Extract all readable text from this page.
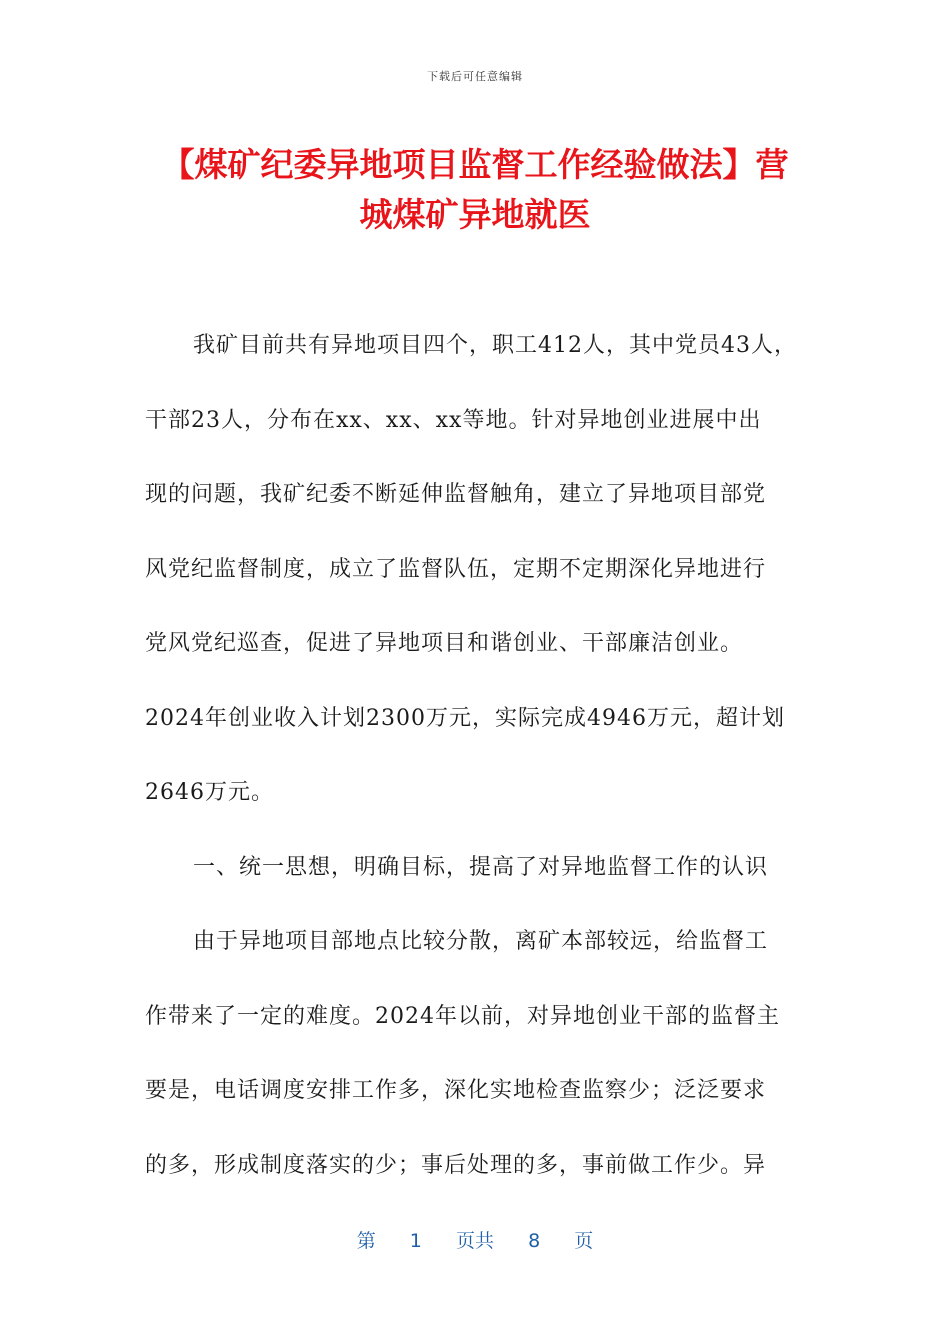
下载后可任意编辑
【煤矿纪委异地项目监督工作经验做法】营
城煤矿异地就医
我矿目前共有异地项目四个，职工412人，其中党员43人，
干部23人，分布在xx、xx、xx等地。针对异地创业进展中出
现的问题，我矿纪委不断延伸监督触角，建立了异地项目部党
风党纪监督制度，成立了监督队伍，定期不定期深化异地进行
党风党纪巡查，促进了异地项目和谐创业、干部廉洁创业。
2024年创业收入计划2300万元，实际完成4946万元，超计划
2646万元。
一、统一思想，明确目标，提高了对异地监督工作的认识
由于异地项目部地点比较分散，离矿本部较远，给监督工
作带来了一定的难度。2024年以前，对异地创业干部的监督主
要是，电话调度安排工作多，深化实地检查监察少；泛泛要求
的多，形成制度落实的少；事后处理的多，事前做工作少。异
第 1 页共 8 页
